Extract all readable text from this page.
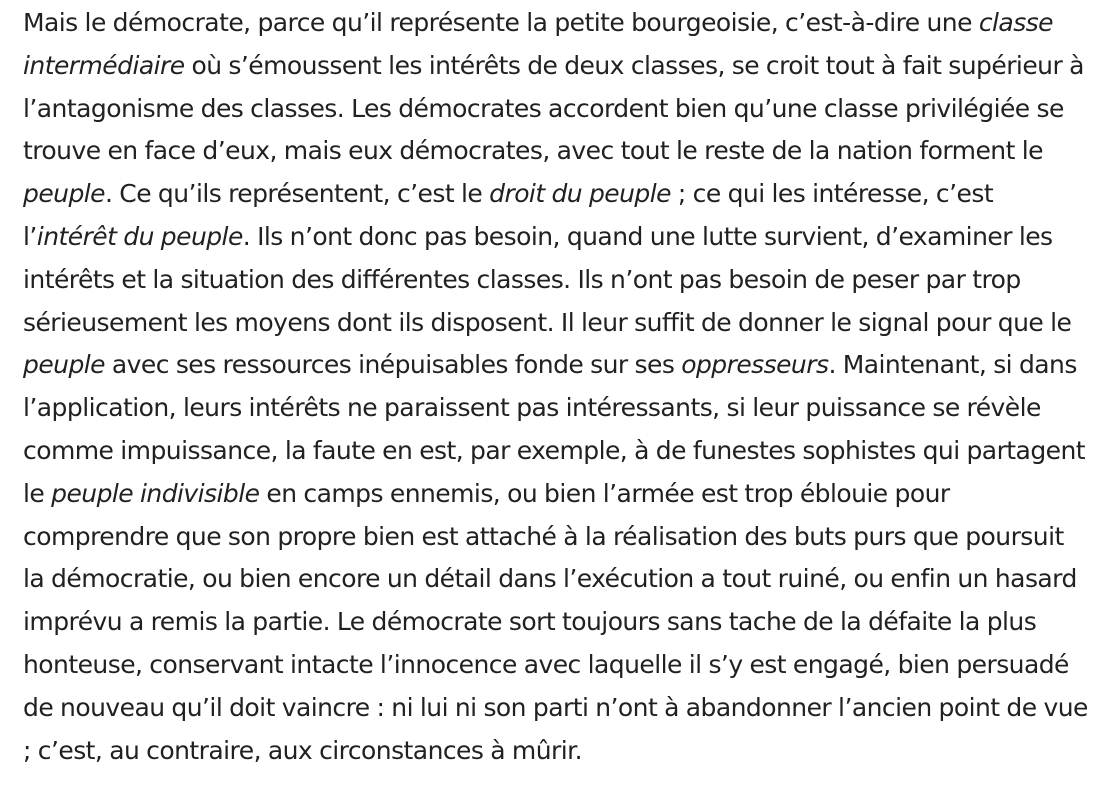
Mais le démocrate, parce qu’il représente la petite bourgeoisie, c’est-à-dire une classe intermédiaire où s’émoussent les intérêts de deux classes, se croit tout à fait supérieur à l’antagonisme des classes. Les démocrates accordent bien qu’une classe privilégiée se trouve en face d’eux, mais eux démocrates, avec tout le reste de la nation forment le peuple. Ce qu’ils représentent, c’est le droit du peuple ; ce qui les intéresse, c’est l’intérêt du peuple. Ils n’ont donc pas besoin, quand une lutte survient, d’examiner les intérêts et la situation des différentes classes. Ils n’ont pas besoin de peser par trop sérieusement les moyens dont ils disposent. Il leur suffit de donner le signal pour que le peuple avec ses ressources inépuisables fonde sur ses oppresseurs. Maintenant, si dans l’application, leurs intérêts ne paraissent pas intéressants, si leur puissance se révèle comme impuissance, la faute en est, par exemple, à de funestes sophistes qui partagent le peuple indivisible en camps ennemis, ou bien l’armée est trop éblouie pour comprendre que son propre bien est attaché à la réalisation des buts purs que poursuit la démocratie, ou bien encore un détail dans l’exécution a tout ruiné, ou enfin un hasard imprévu a remis la partie. Le démocrate sort toujours sans tache de la défaite la plus honteuse, conservant intacte l’innocence avec laquelle il s’y est engagé, bien persuadé de nouveau qu’il doit vaincre : ni lui ni son parti n’ont à abandonner l’ancien point de vue ; c’est, au contraire, aux circonstances à mûrir.
